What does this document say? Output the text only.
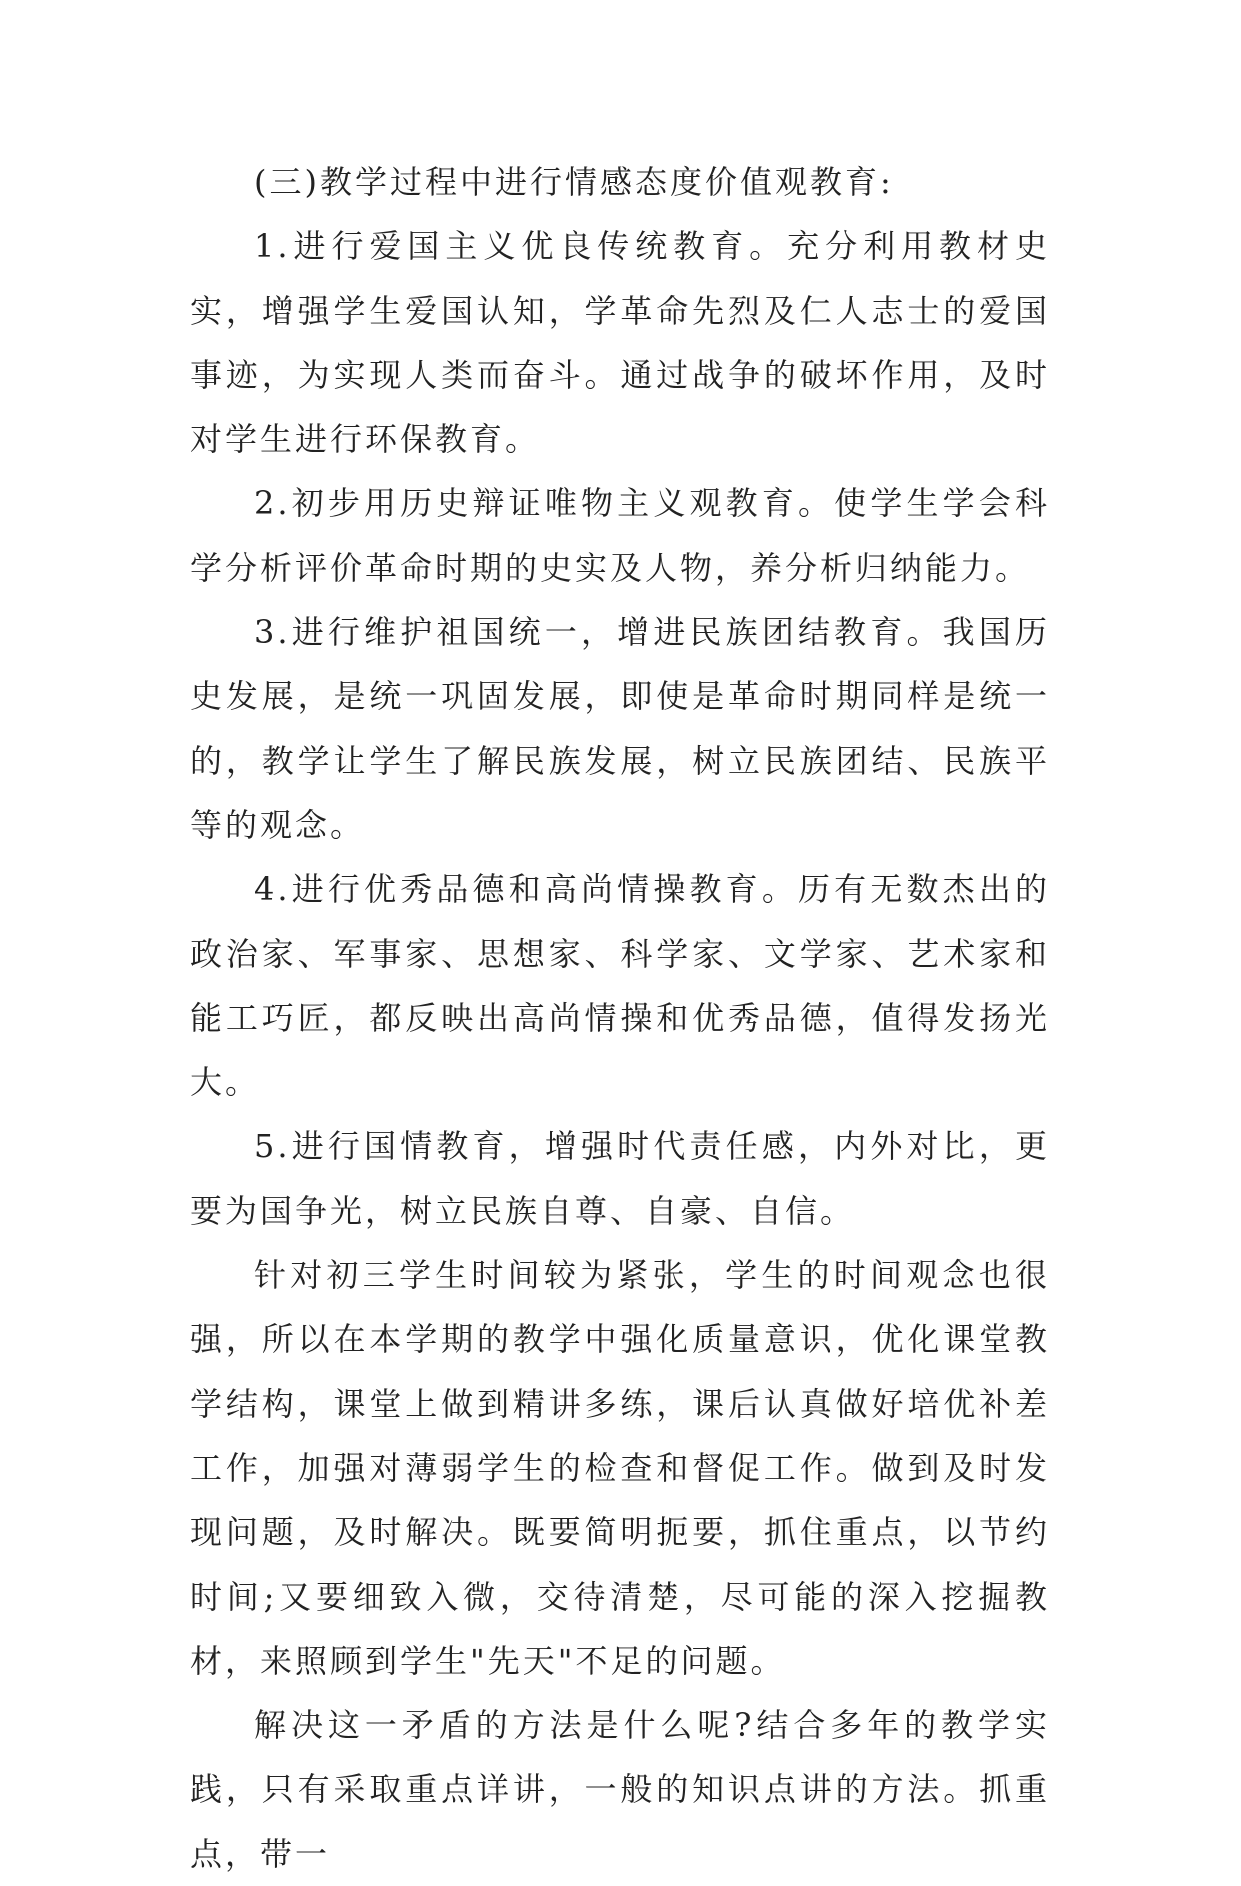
(三)教学过程中进行情感态度价值观教育:

1.进行爱国主义优良传统教育。充分利用教材史实，增强学生爱国认知，学革命先烈及仁人志士的爱国事迹，为实现人类而奋斗。通过战争的破坏作用，及时对学生进行环保教育。

2.初步用历史辩证唯物主义观教育。使学生学会科学分析评价革命时期的史实及人物，养分析归纳能力。

3.进行维护祖国统一，增进民族团结教育。我国历史发展，是统一巩固发展，即使是革命时期同样是统一的，教学让学生了解民族发展，树立民族团结、民族平等的观念。

4.进行优秀品德和高尚情操教育。历有无数杰出的政治家、军事家、思想家、科学家、文学家、艺术家和能工巧匠，都反映出高尚情操和优秀品德，值得发扬光大。

5.进行国情教育，增强时代责任感，内外对比，更要为国争光，树立民族自尊、自豪、自信。

针对初三学生时间较为紧张，学生的时间观念也很强，所以在本学期的教学中强化质量意识，优化课堂教学结构，课堂上做到精讲多练，课后认真做好培优补差工作，加强对薄弱学生的检查和督促工作。做到及时发现问题，及时解决。既要简明扼要，抓住重点，以节约时间;又要细致入微，交待清楚，尽可能的深入挖掘教材，来照顾到学生"先天"不足的问题。

解决这一矛盾的方法是什么呢?结合多年的教学实践，只有采取重点详讲，一般的知识点讲的方法。抓重点，带一
